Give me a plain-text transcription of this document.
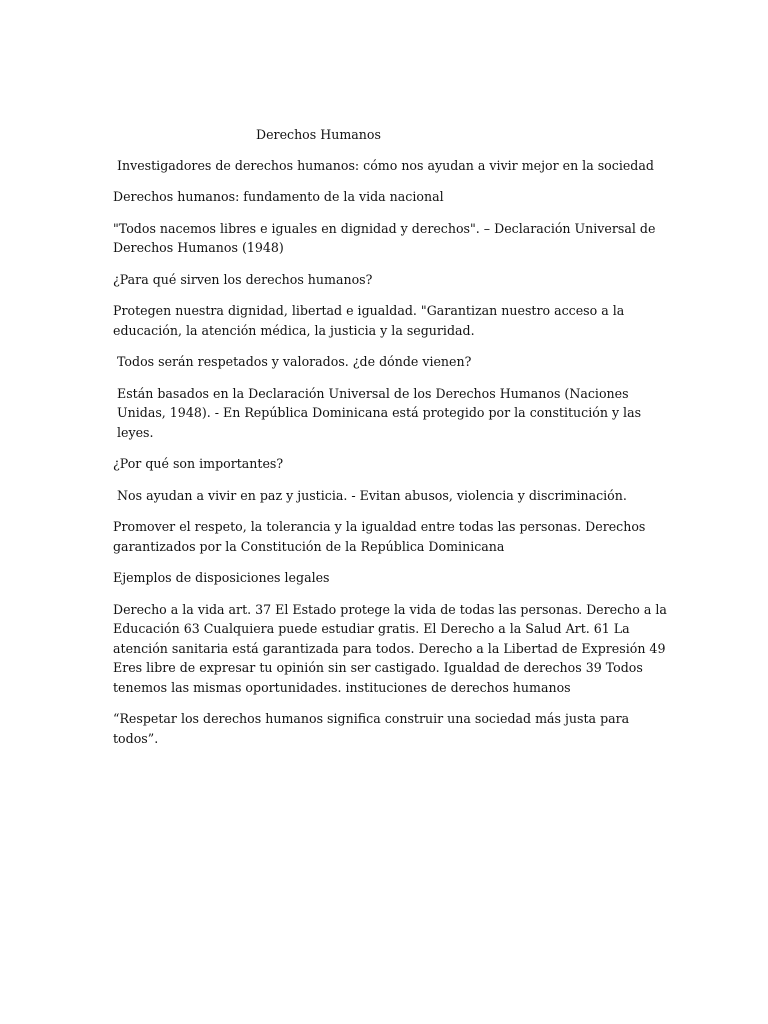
Derechos Humanos

Investigadores de derechos humanos: cómo nos ayudan a vivir mejor en la sociedad

Derechos humanos: fundamento de la vida nacional

"Todos nacemos libres e iguales en dignidad y derechos". – Declaración Universal de Derechos Humanos (1948)

¿Para qué sirven los derechos humanos?

Protegen nuestra dignidad, libertad e igualdad. "Garantizan nuestro acceso a la educación, la atención médica, la justicia y la seguridad.

Todos serán respetados y valorados. ¿de dónde vienen?

Están basados en la Declaración Universal de los Derechos Humanos (Naciones Unidas, 1948). - En República Dominicana está protegido por la constitución y las leyes.

¿Por qué son importantes?

Nos ayudan a vivir en paz y justicia. - Evitan abusos, violencia y discriminación.

Promover el respeto, la tolerancia y la igualdad entre todas las personas. Derechos garantizados por la Constitución de la República Dominicana

Ejemplos de disposiciones legales

Derecho a la vida art. 37 El Estado protege la vida de todas las personas. Derecho a la Educación 63 Cualquiera puede estudiar gratis. El Derecho a la Salud Art. 61 La atención sanitaria está garantizada para todos. Derecho a la Libertad de Expresión 49 Eres libre de expresar tu opinión sin ser castigado. Igualdad de derechos 39 Todos tenemos las mismas oportunidades. instituciones de derechos humanos

“Respetar los derechos humanos significa construir una sociedad más justa para todos”.
